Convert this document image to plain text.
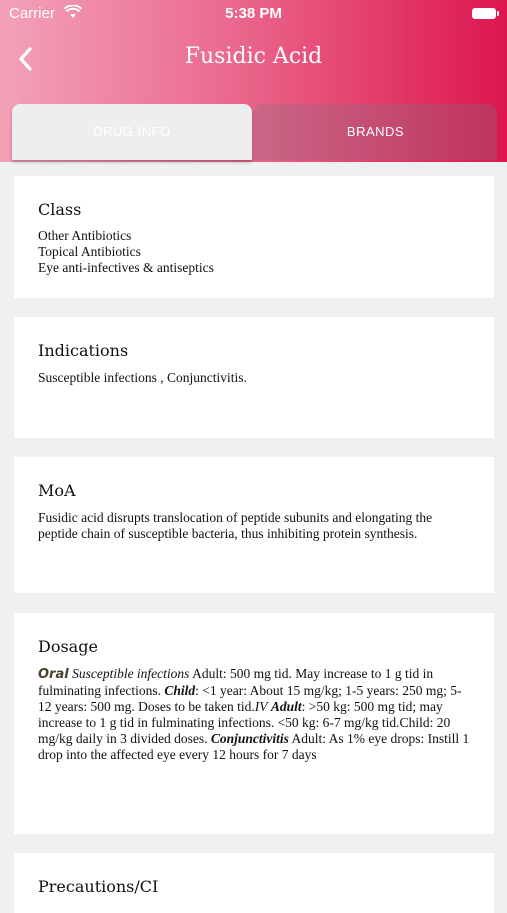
Carrier	5:38 PM
Fusidic Acid
DRUG INFO	BRANDS
Class
Other Antibiotics
Topical Antibiotics
Eye anti-infectives & antiseptics
Indications
Susceptible infections , Conjunctivitis.
MoA
Fusidic acid disrupts translocation of peptide subunits and elongating the peptide chain of susceptible bacteria, thus inhibiting protein synthesis.
Dosage
Oral Susceptible infections Adult: 500 mg tid. May increase to 1 g tid in fulminating infections. Child: <1 year: About 15 mg/kg; 1-5 years: 250 mg; 5-12 years: 500 mg. Doses to be taken tid.IV Adult: >50 kg: 500 mg tid; may increase to 1 g tid in fulminating infections. <50 kg: 6-7 mg/kg tid.Child: 20 mg/kg daily in 3 divided doses. Conjunctivitis Adult: As 1% eye drops: Instill 1 drop into the affected eye every 12 hours for 7 days
Precautions/CI
